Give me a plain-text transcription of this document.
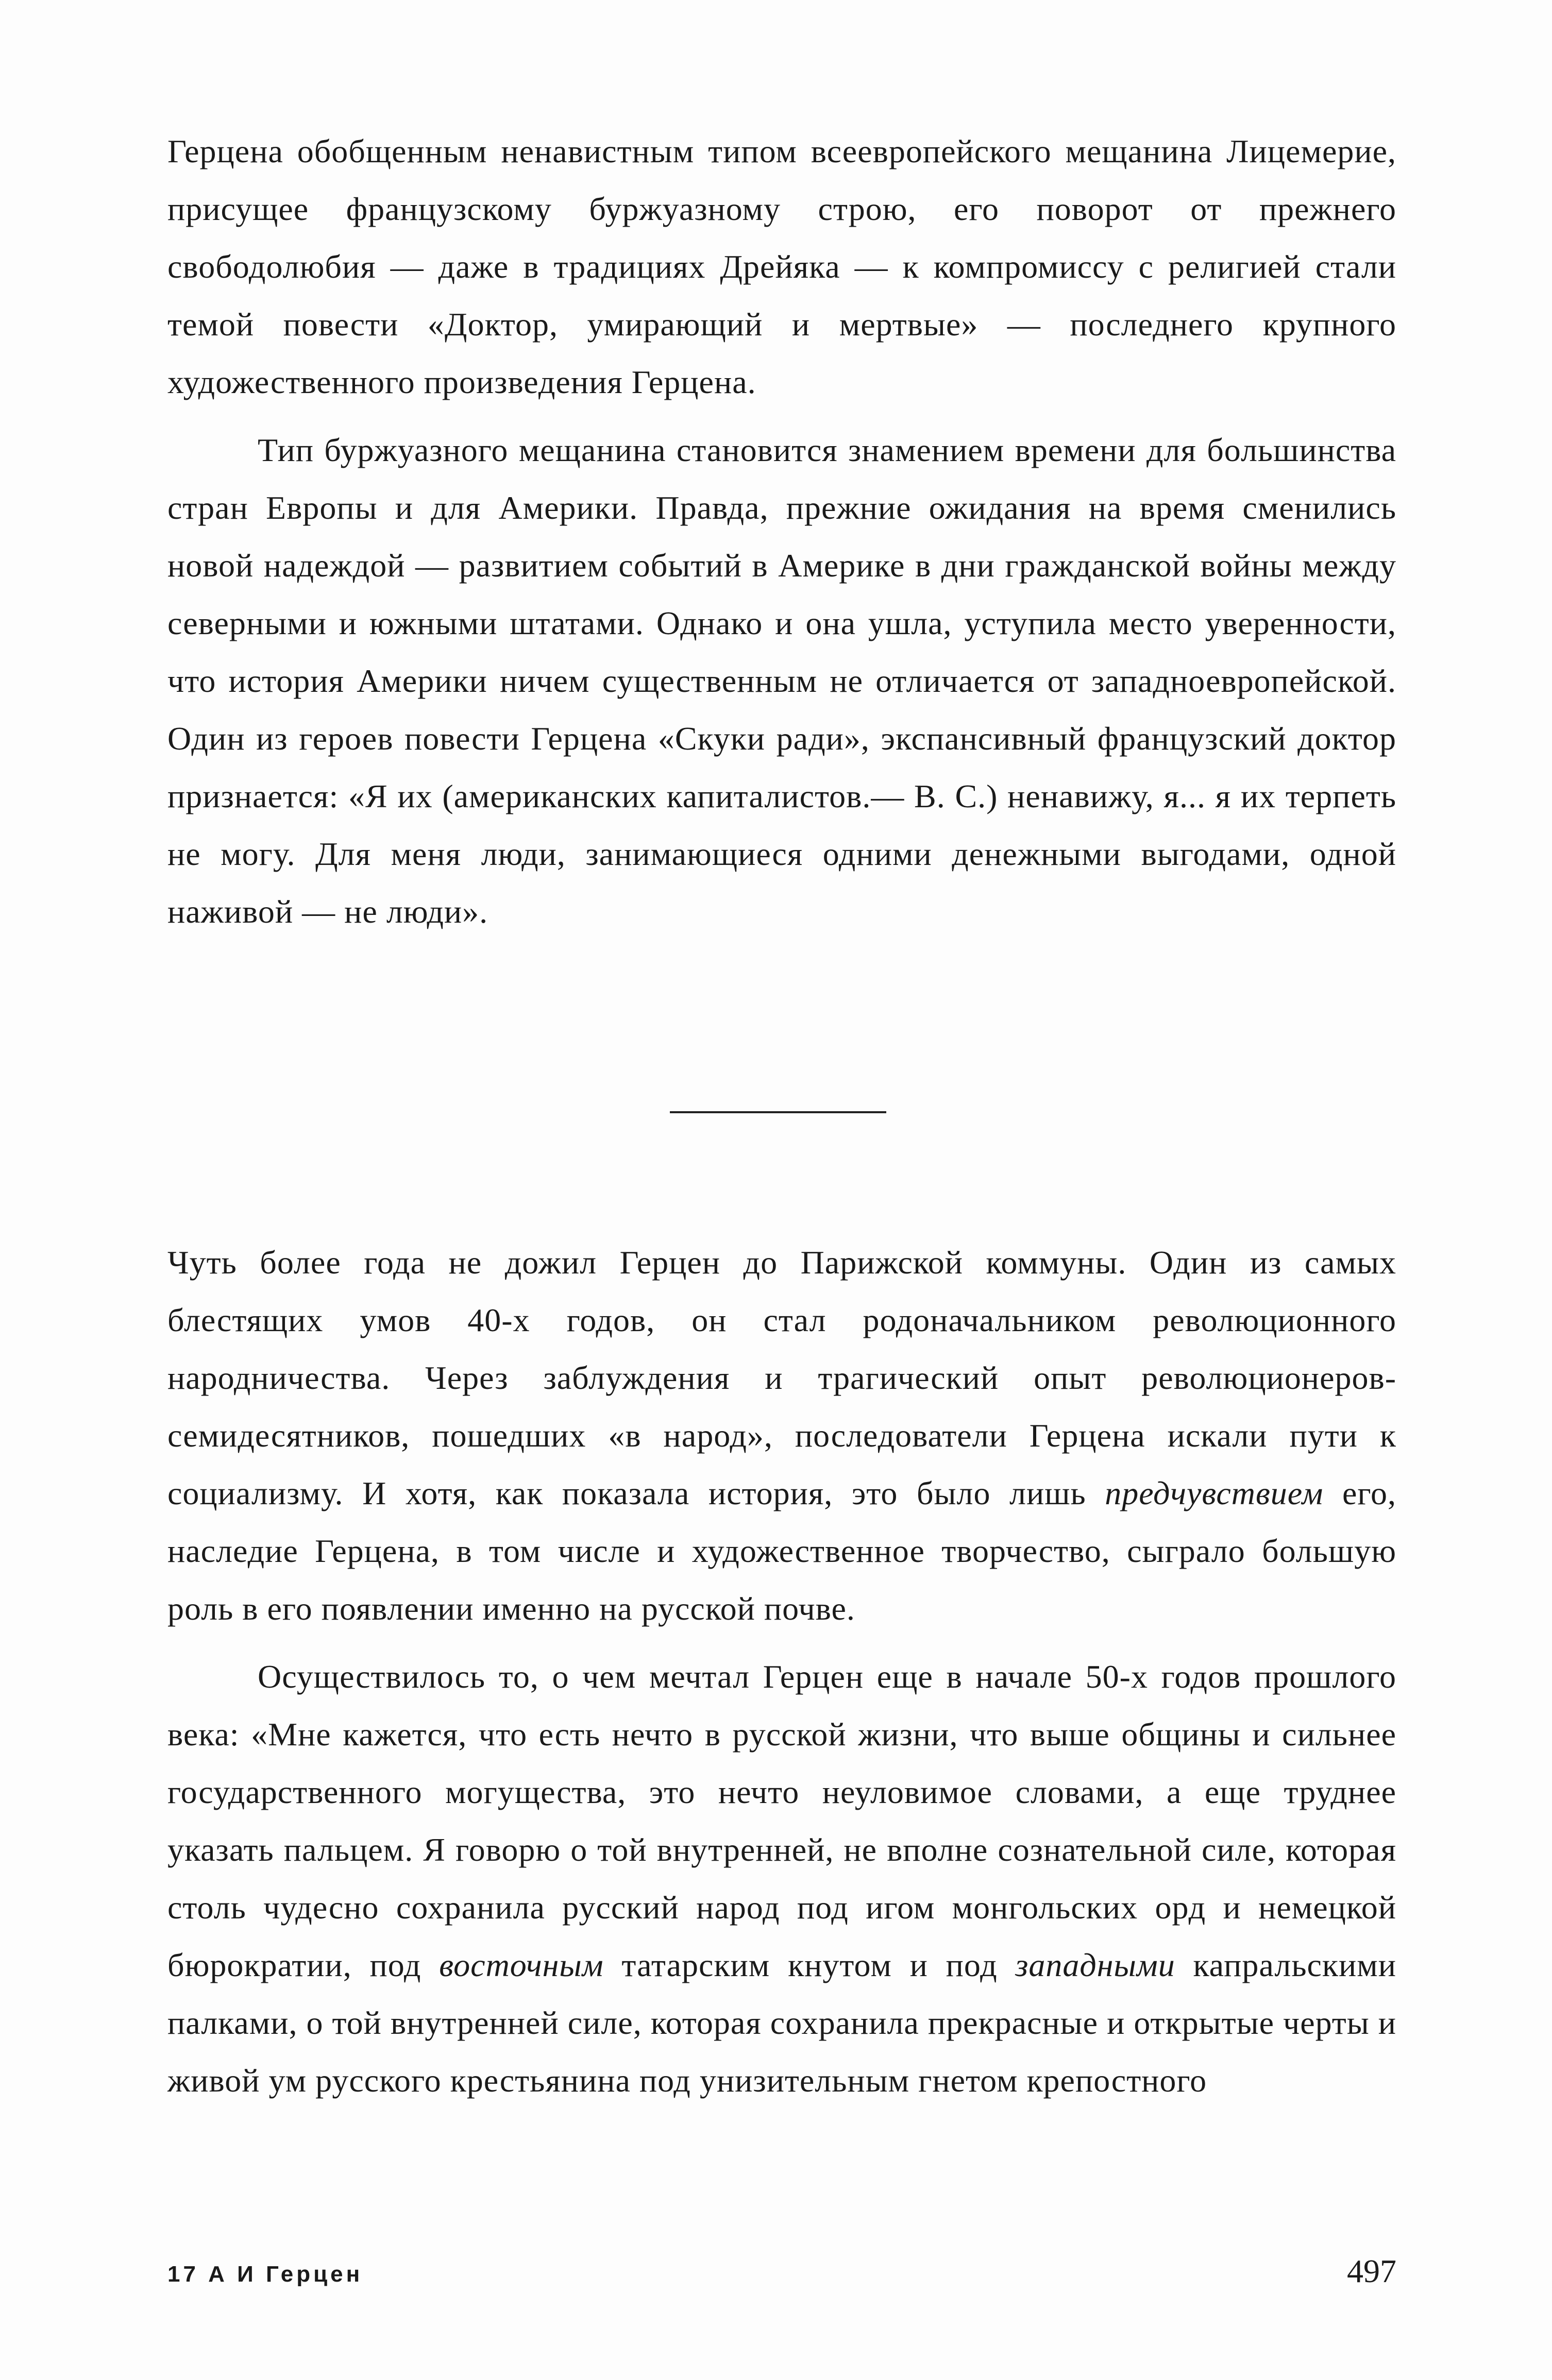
Герцена обобщенным ненавистным типом всеевропейского мещанина Лицемерие, присущее французскому буржуазному строю, его поворот от прежнего свободолюбия — даже в традициях Дрейяка — к компромиссу с религией стали темой повести «Доктор, умирающий и мертвые» — последнего крупного художественного произведения Герцена.

Тип буржуазного мещанина становится знамением времени для большинства стран Европы и для Америки. Правда, прежние ожидания на время сменились новой надеждой — развитием событий в Америке в дни гражданской войны между северными и южными штатами. Однако и она ушла, уступила место уверенности, что история Америки ничем существенным не отличается от западноевропейской. Один из героев повести Герцена «Скуки ради», экспансивный французский доктор признается: «Я их (американских капиталистов.— В. С.) ненавижу, я... я их терпеть не могу. Для меня люди, занимающиеся одними денежными выгодами, одной наживой — не люди».

Чуть более года не дожил Герцен до Парижской коммуны. Один из самых блестящих умов 40-х годов, он стал родоначальником революционного народничества. Через заблуждения и трагический опыт революционеров-семидесятников, пошедших «в народ», последователи Герцена искали пути к социализму. И хотя, как показала история, это было лишь предчувствием его, наследие Герцена, в том числе и художественное творчество, сыграло большую роль в его появлении именно на русской почве.

Осуществилось то, о чем мечтал Герцен еще в начале 50-х годов прошлого века: «Мне кажется, что есть нечто в русской жизни, что выше общины и сильнее государственного могущества, это нечто неуловимое словами, а еще труднее указать пальцем. Я говорю о той внутренней, не вполне сознательной силе, которая столь чудесно сохранила русский народ под игом монгольских орд и немецкой бюрократии, под восточным татарским кнутом и под западными капральскими палками, о той внутренней силе, которая сохранила прекрасные и открытые черты и живой ум русского крестьянина под унизительным гнетом крепостного

17 А И Герцен	497
